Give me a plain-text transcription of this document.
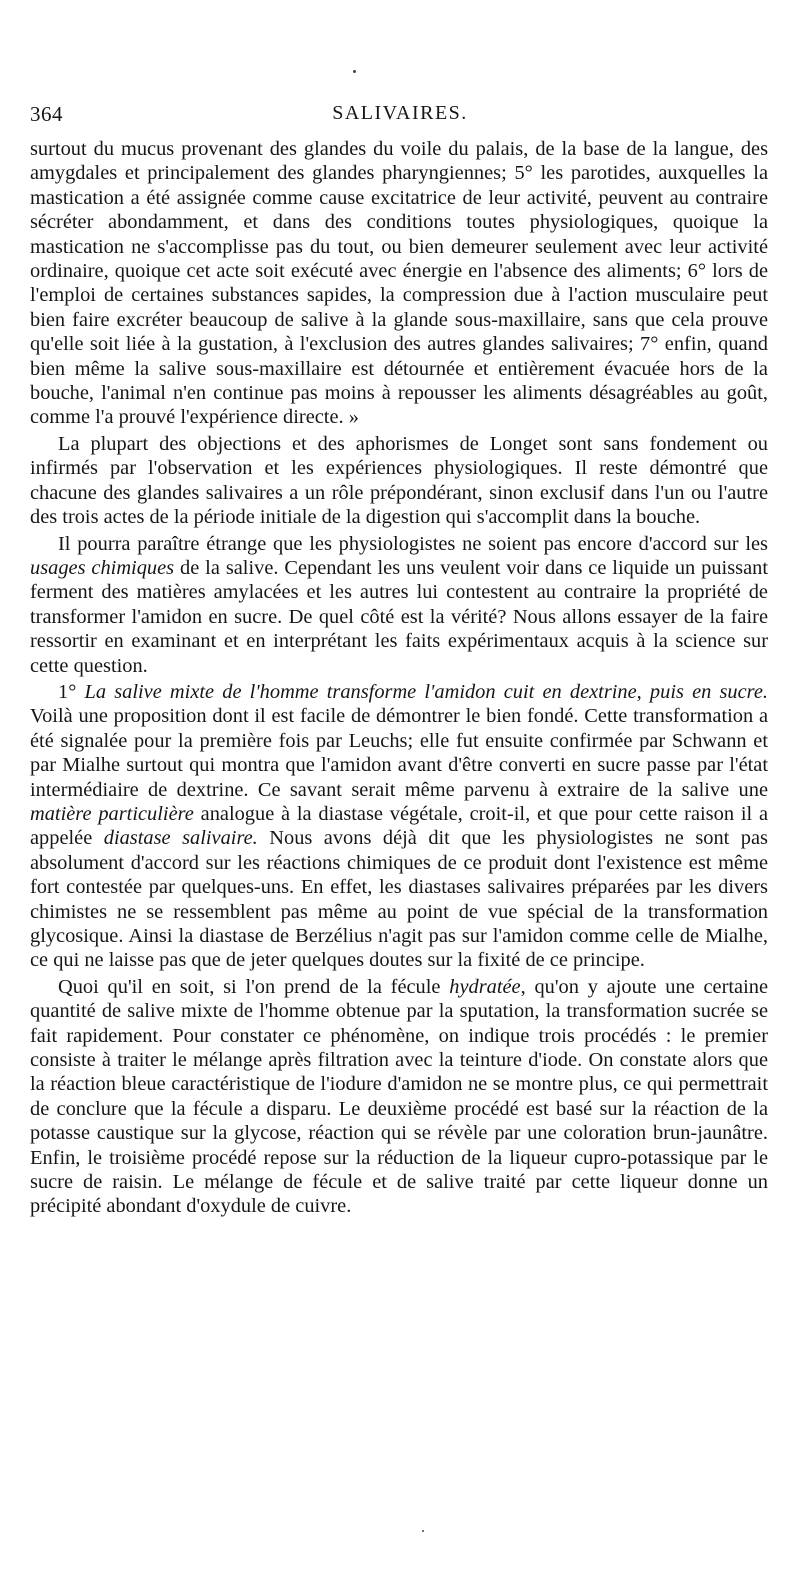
364	SALIVAIRES.

surtout du mucus provenant des glandes du voile du palais, de la base de la langue, des amygdales et principalement des glandes pharyngiennes; 5° les parotides, auxquelles la mastication a été assignée comme cause excitatrice de leur activité, peuvent au contraire sécréter abondamment, et dans des conditions toutes physiologiques, quoique la mastication ne s'accomplisse pas du tout, ou bien demeurer seulement avec leur activité ordinaire, quoique cet acte soit exécuté avec énergie en l'absence des aliments; 6° lors de l'emploi de certaines substances sapides, la compression due à l'action musculaire peut bien faire excréter beaucoup de salive à la glande sous-maxillaire, sans que cela prouve qu'elle soit liée à la gustation, à l'exclusion des autres glandes salivaires; 7° enfin, quand bien même la salive sous-maxillaire est détournée et entièrement évacuée hors de la bouche, l'animal n'en continue pas moins à repousser les aliments désagréables au goût, comme l'a prouvé l'expérience directe. »

La plupart des objections et des aphorismes de Longet sont sans fondement ou infirmés par l'observation et les expériences physiologiques. Il reste démontré que chacune des glandes salivaires a un rôle prépondérant, sinon exclusif dans l'un ou l'autre des trois actes de la période initiale de la digestion qui s'accomplit dans la bouche.

Il pourra paraître étrange que les physiologistes ne soient pas encore d'accord sur les usages chimiques de la salive. Cependant les uns veulent voir dans ce liquide un puissant ferment des matières amylacées et les autres lui contestent au contraire la propriété de transformer l'amidon en sucre. De quel côté est la vérité? Nous allons essayer de la faire ressortir en examinant et en interprétant les faits expérimentaux acquis à la science sur cette question.

1° La salive mixte de l'homme transforme l'amidon cuit en dextrine, puis en sucre. Voilà une proposition dont il est facile de démontrer le bien fondé. Cette transformation a été signalée pour la première fois par Leuchs; elle fut ensuite confirmée par Schwann et par Mialhe surtout qui montra que l'amidon avant d'être converti en sucre passe par l'état intermédiaire de dextrine. Ce savant serait même parvenu à extraire de la salive une matière particulière analogue à la diastase végétale, croit-il, et que pour cette raison il a appelée diastase salivaire. Nous avons déjà dit que les physiologistes ne sont pas absolument d'accord sur les réactions chimiques de ce produit dont l'existence est même fort contestée par quelques-uns. En effet, les diastases salivaires préparées par les divers chimistes ne se ressemblent pas même au point de vue spécial de la transformation glycosique. Ainsi la diastase de Berzélius n'agit pas sur l'amidon comme celle de Mialhe, ce qui ne laisse pas que de jeter quelques doutes sur la fixité de ce principe.

Quoi qu'il en soit, si l'on prend de la fécule hydratée, qu'on y ajoute une certaine quantité de salive mixte de l'homme obtenue par la sputation, la transformation sucrée se fait rapidement. Pour constater ce phénomène, on indique trois procédés : le premier consiste à traiter le mélange après filtration avec la teinture d'iode. On constate alors que la réaction bleue caractéristique de l'iodure d'amidon ne se montre plus, ce qui permettrait de conclure que la fécule a disparu. Le deuxième procédé est basé sur la réaction de la potasse caustique sur la glycose, réaction qui se révèle par une coloration brun-jaunâtre. Enfin, le troisième procédé repose sur la réduction de la liqueur cupro-potassique par le sucre de raisin. Le mélange de fécule et de salive traité par cette liqueur donne un précipité abondant d'oxydule de cuivre.
